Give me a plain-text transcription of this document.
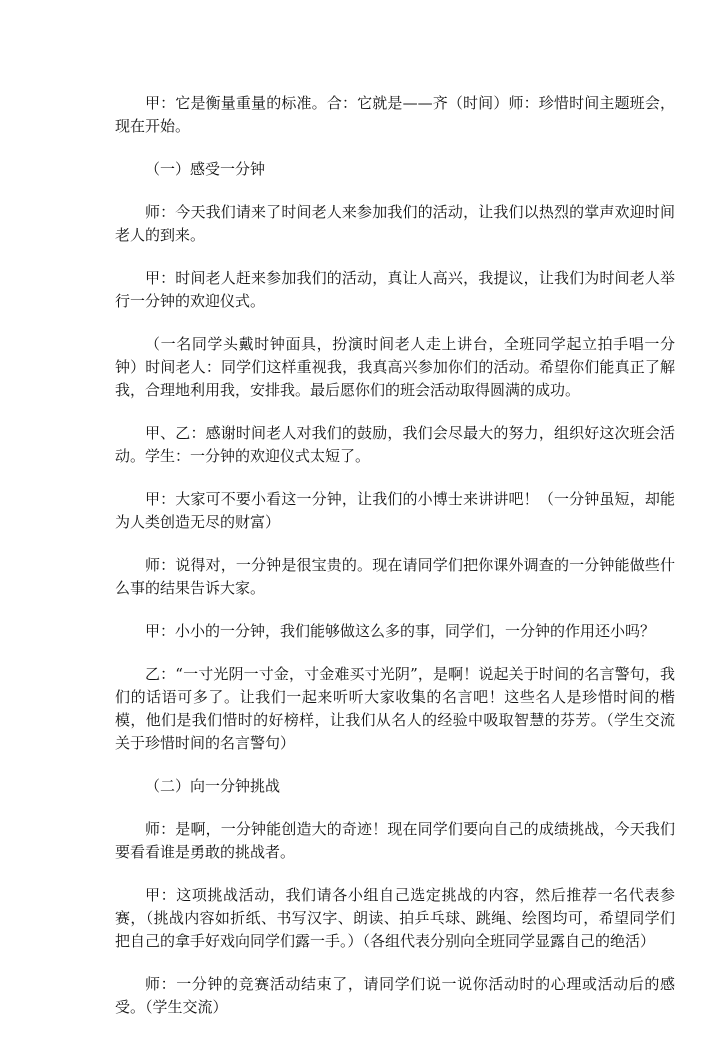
甲：它是衡量重量的标准。合：它就是——齐（时间）师：珍惜时间主题班会，现在开始。

（一）感受一分钟

师：今天我们请来了时间老人来参加我们的活动，让我们以热烈的掌声欢迎时间老人的到来。

甲：时间老人赶来参加我们的活动，真让人高兴，我提议，让我们为时间老人举行一分钟的欢迎仪式。

（一名同学头戴时钟面具，扮演时间老人走上讲台，全班同学起立拍手唱一分钟）时间老人：同学们这样重视我，我真高兴参加你们的活动。希望你们能真正了解我，合理地利用我，安排我。最后愿你们的班会活动取得圆满的成功。

甲、乙：感谢时间老人对我们的鼓励，我们会尽最大的努力，组织好这次班会活动。学生：一分钟的欢迎仪式太短了。

甲：大家可不要小看这一分钟，让我们的小博士来讲讲吧！（一分钟虽短，却能为人类创造无尽的财富）

师：说得对，一分钟是很宝贵的。现在请同学们把你课外调查的一分钟能做些什么事的结果告诉大家。

甲：小小的一分钟，我们能够做这么多的事，同学们，一分钟的作用还小吗？

乙：“一寸光阴一寸金，寸金难买寸光阴”，是啊！说起关于时间的名言警句，我们的话语可多了。让我们一起来听听大家收集的名言吧！这些名人是珍惜时间的楷模，他们是我们惜时的好榜样，让我们从名人的经验中吸取智慧的芬芳。（学生交流关于珍惜时间的名言警句）

（二）向一分钟挑战

师：是啊，一分钟能创造大的奇迹！现在同学们要向自己的成绩挑战，今天我们要看看谁是勇敢的挑战者。

甲：这项挑战活动，我们请各小组自己选定挑战的内容，然后推荐一名代表参赛，（挑战内容如折纸、书写汉字、朗读、拍乒乓球、跳绳、绘图均可，希望同学们把自己的拿手好戏向同学们露一手。）（各组代表分别向全班同学显露自己的绝活）

师：一分钟的竞赛活动结束了，请同学们说一说你活动时的心理或活动后的感受。（学生交流）
